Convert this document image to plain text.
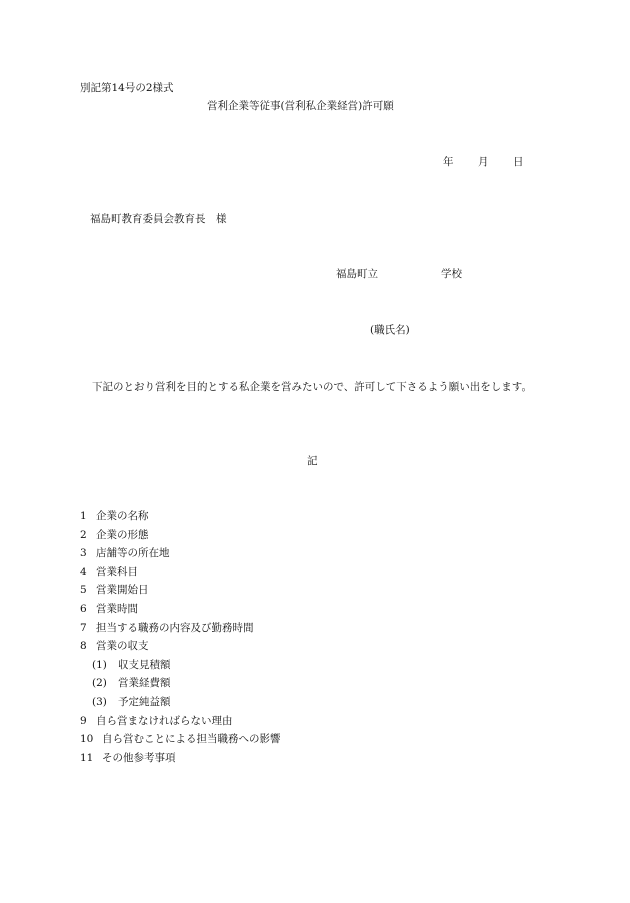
別記第14号の2様式
営利企業等従事(営利私企業経営)許可願
年 月 日
福島町教育委員会教育長　様
福島町立	学校
(職氏名)
下記のとおり営利を目的とする私企業を営みたいので、許可して下さるよう願い出をします。
記
1 企業の名称
2 企業の形態
3 店舗等の所在地
4 営業科目
5 営業開始日
6 営業時間
7 担当する職務の内容及び勤務時間
8 営業の収支
(1) 収支見積額
(2) 営業経費額
(3) 予定純益額
9 自ら営まなければらない理由
10 自ら営むことによる担当職務への影響
11 その他参考事項
